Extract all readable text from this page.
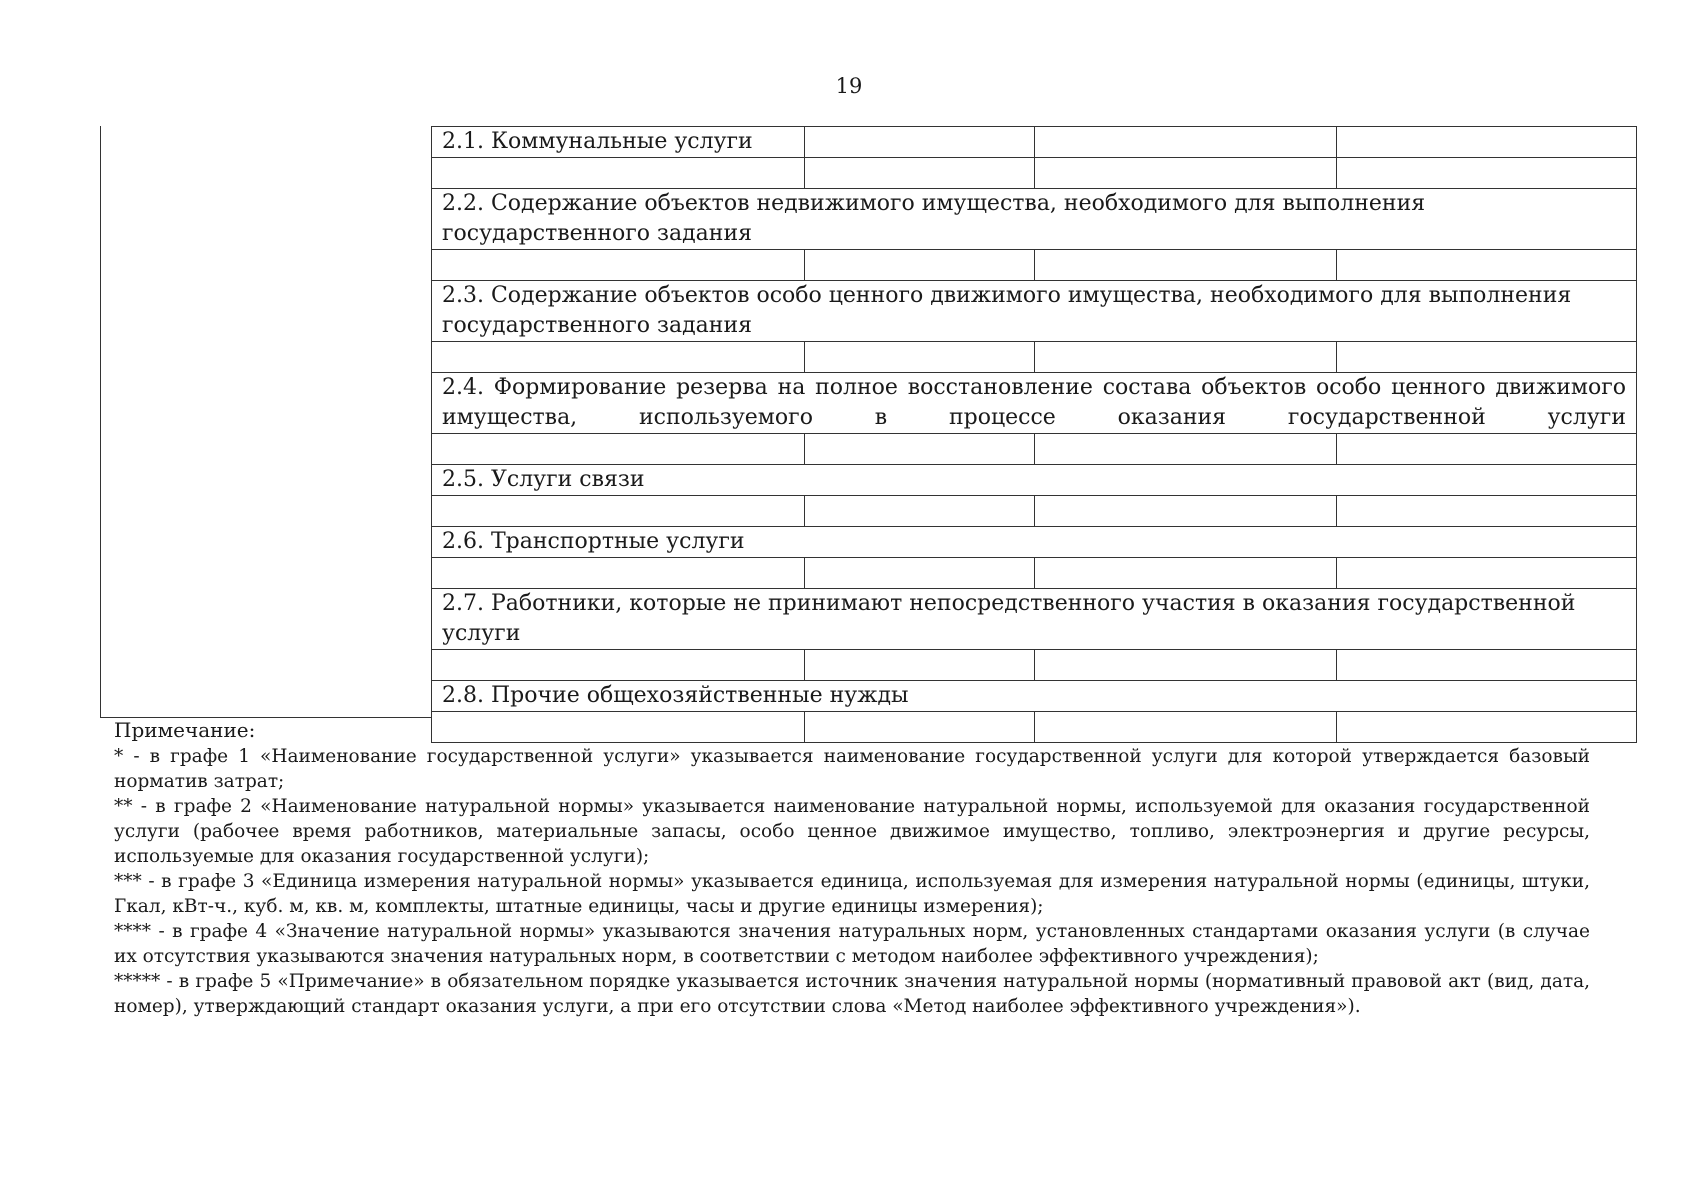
19
2.1. Коммунальные услуги			

2.2. Содержание объектов недвижимого имущества, необходимого для выполнения государственного задания			

2.3. Содержание объектов особо ценного движимого имущества, необходимого для выполнения государственного задания			

2.4. Формирование резерва на полное восстановление состава объектов особо ценного движимого имущества, используемого в процессе оказания государственной услуги			

2.5. Услуги связи			

2.6. Транспортные услуги			

2.7. Работники, которые не принимают непосредственного участия в оказания государственной услуги			

2.8. Прочие общехозяйственные нужды			

Примечание:

* - в графе 1 «Наименование государственной услуги» указывается наименование государственной услуги для которой утверждается базовый норматив затрат;

** - в графе 2 «Наименование натуральной нормы» указывается наименование натуральной нормы, используемой для оказания государственной услуги (рабочее время работников, материальные запасы, особо ценное движимое имущество, топливо, электроэнергия и другие ресурсы, используемые для оказания государственной услуги);

*** - в графе 3 «Единица измерения натуральной нормы» указывается единица, используемая для измерения натуральной нормы (единицы, штуки, Гкал, кВт-ч., куб. м, кв. м, комплекты, штатные единицы, часы и другие единицы измерения);

**** - в графе 4 «Значение натуральной нормы» указываются значения натуральных норм, установленных стандартами оказания услуги (в случае их отсутствия указываются значения натуральных норм, в соответствии с методом наиболее эффективного учреждения);

***** - в графе 5 «Примечание» в обязательном порядке указывается источник значения натуральной нормы (нормативный правовой акт (вид, дата, номер), утверждающий стандарт оказания услуги, а при его отсутствии слова «Метод наиболее эффективного учреждения»).
